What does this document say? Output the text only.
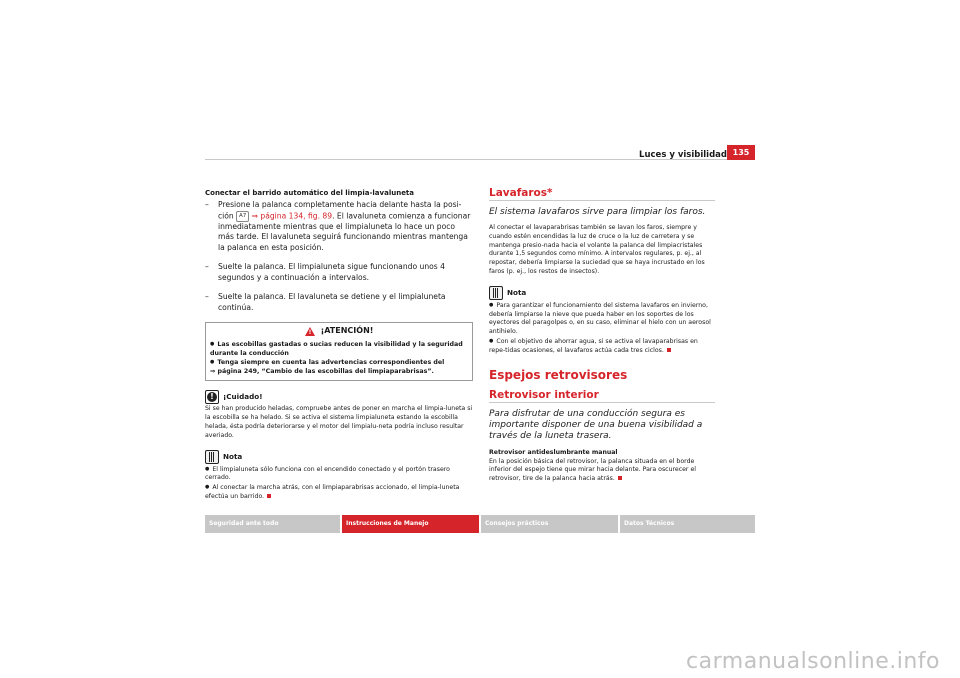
Luces y visibilidad 135
Conectar el barrido automático del limpia-lavaluneta
– Presione la palanca completamente hacia delante hasta la posi-ción A7 ⇒ página 134, fig. 89. El lavaluneta comienza a funcionar inmediatamente mientras que el limpialuneta lo hace un poco más tarde. El lavaluneta seguirá funcionando mientras mantenga la palanca en esta posición.
– Suelte la palanca. El limpialuneta sigue funcionando unos 4 segundos y a continuación a intervalos.
– Suelte la palanca. El lavaluneta se detiene y el limpialuneta continúa.
! ¡ATENCIÓN!
● Las escobillas gastadas o sucias reducen la visibilidad y la seguridad durante la conducción
● Tenga siempre en cuenta las advertencias correspondientes del
⇒ página 249, “Cambio de las escobillas del limpiaparabrisas”.
!	¡Cuidado!
Si se han producido heladas, compruebe antes de poner en marcha el limpia-luneta si la escobilla se ha helado. Si se activa el sistema limpialuneta estando la escobilla helada, ésta podría deteriorarse y el motor del limpialu-neta podría incluso resultar averiado.
Nota
● El limpialuneta sólo funciona con el encendido conectado y el portón trasero cerrado.
● Al conectar la marcha atrás, con el limpiaparabrisas accionado, el limpia-luneta efectúa un barrido.
Lavafaros*
El sistema lavafaros sirve para limpiar los faros.
Al conectar el lavaparabrisas también se lavan los faros, siempre y cuando estén encendidas la luz de cruce o la luz de carretera y se mantenga presio-nada hacia el volante la palanca del limpiacristales durante 1,5 segundos como mínimo. A intervalos regulares, p. ej., al repostar, debería limpiarse la suciedad que se haya incrustado en los faros (p. ej., los restos de insectos).
Nota
● Para garantizar el funcionamiento del sistema lavafaros en invierno, debería limpiarse la nieve que pueda haber en los soportes de los eyectores del paragolpes o, en su caso, eliminar el hielo con un aerosol antihielo.
● Con el objetivo de ahorrar agua, si se activa el lavaparabrisas en repe-tidas ocasiones, el lavafaros actúa cada tres ciclos.
Espejos retrovisores
Retrovisor interior
Para disfrutar de una conducción segura es importante disponer de una buena visibilidad a través de la luneta trasera.
Retrovisor antideslumbrante manual
En la posición básica del retrovisor, la palanca situada en el borde inferior del espejo tiene que mirar hacia delante. Para oscurecer el retrovisor, tire de la palanca hacia atrás.
Seguridad ante todo	Instrucciones de Manejo	Consejos prácticos	Datos Técnicos
carmanualsonline.info
